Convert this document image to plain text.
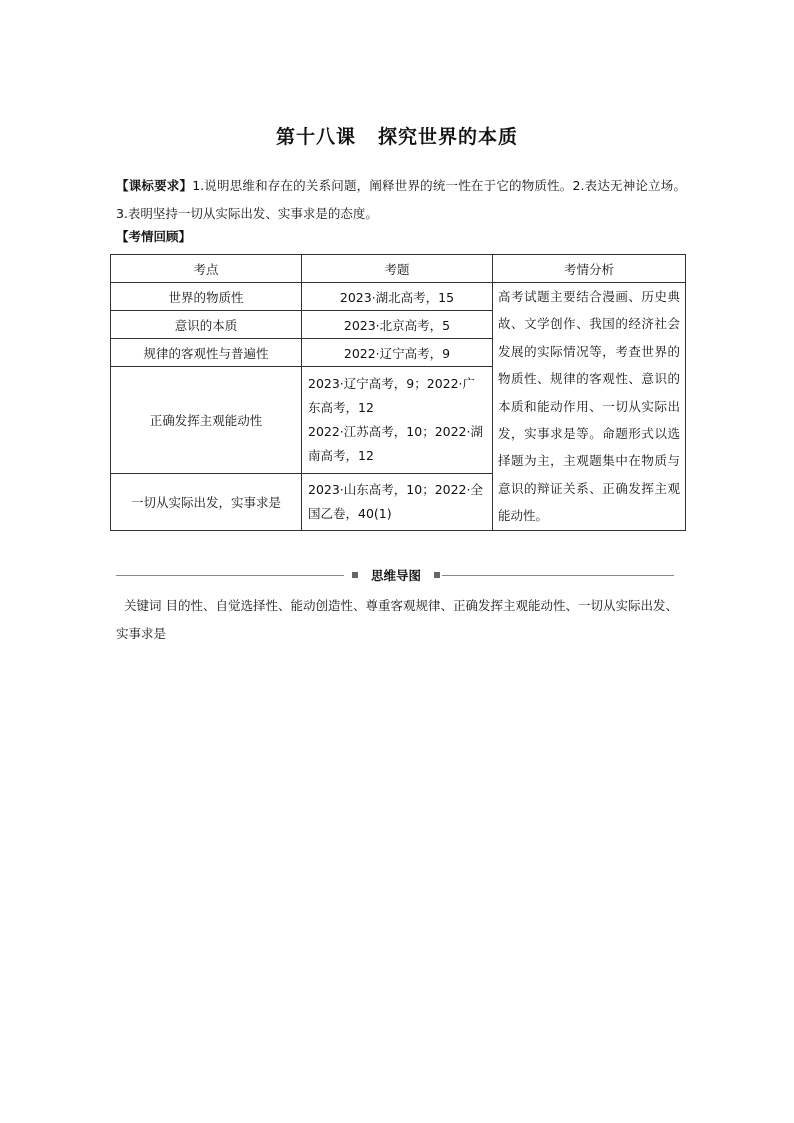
第十八课 探究世界的本质
【课标要求】1.说明思维和存在的关系问题，阐释世界的统一性在于它的物质性。2.表达无神论立场。3.表明坚持一切从实际出发、实事求是的态度。
【考情回顾】
考点	考题	考情分析
世界的物质性	2023·湖北高考，15	高考试题主要结合漫画、历史典故、文学创作、我国的经济社会发展的实际情况等，考查世界的物质性、规律的客观性、意识的本质和能动作用、一切从实际出发，实事求是等。命题形式以选择题为主，主观题集中在物质与意识的辩证关系、正确发挥主观能动性。
意识的本质	2023·北京高考，5	
规律的客观性与普遍性	2022·辽宁高考，9	
正确发挥主观能动性	2023·辽宁高考，9；2022·广东高考，12
2022·江苏高考，10；2022·湖南高考，12	

一切从实际出发，实事求是	2023·山东高考，10；2022·全国乙卷，40(1)	
思维导图
关键词 目的性、自觉选择性、能动创造性、尊重客观规律、正确发挥主观能动性、一切从实际出发、实事求是
